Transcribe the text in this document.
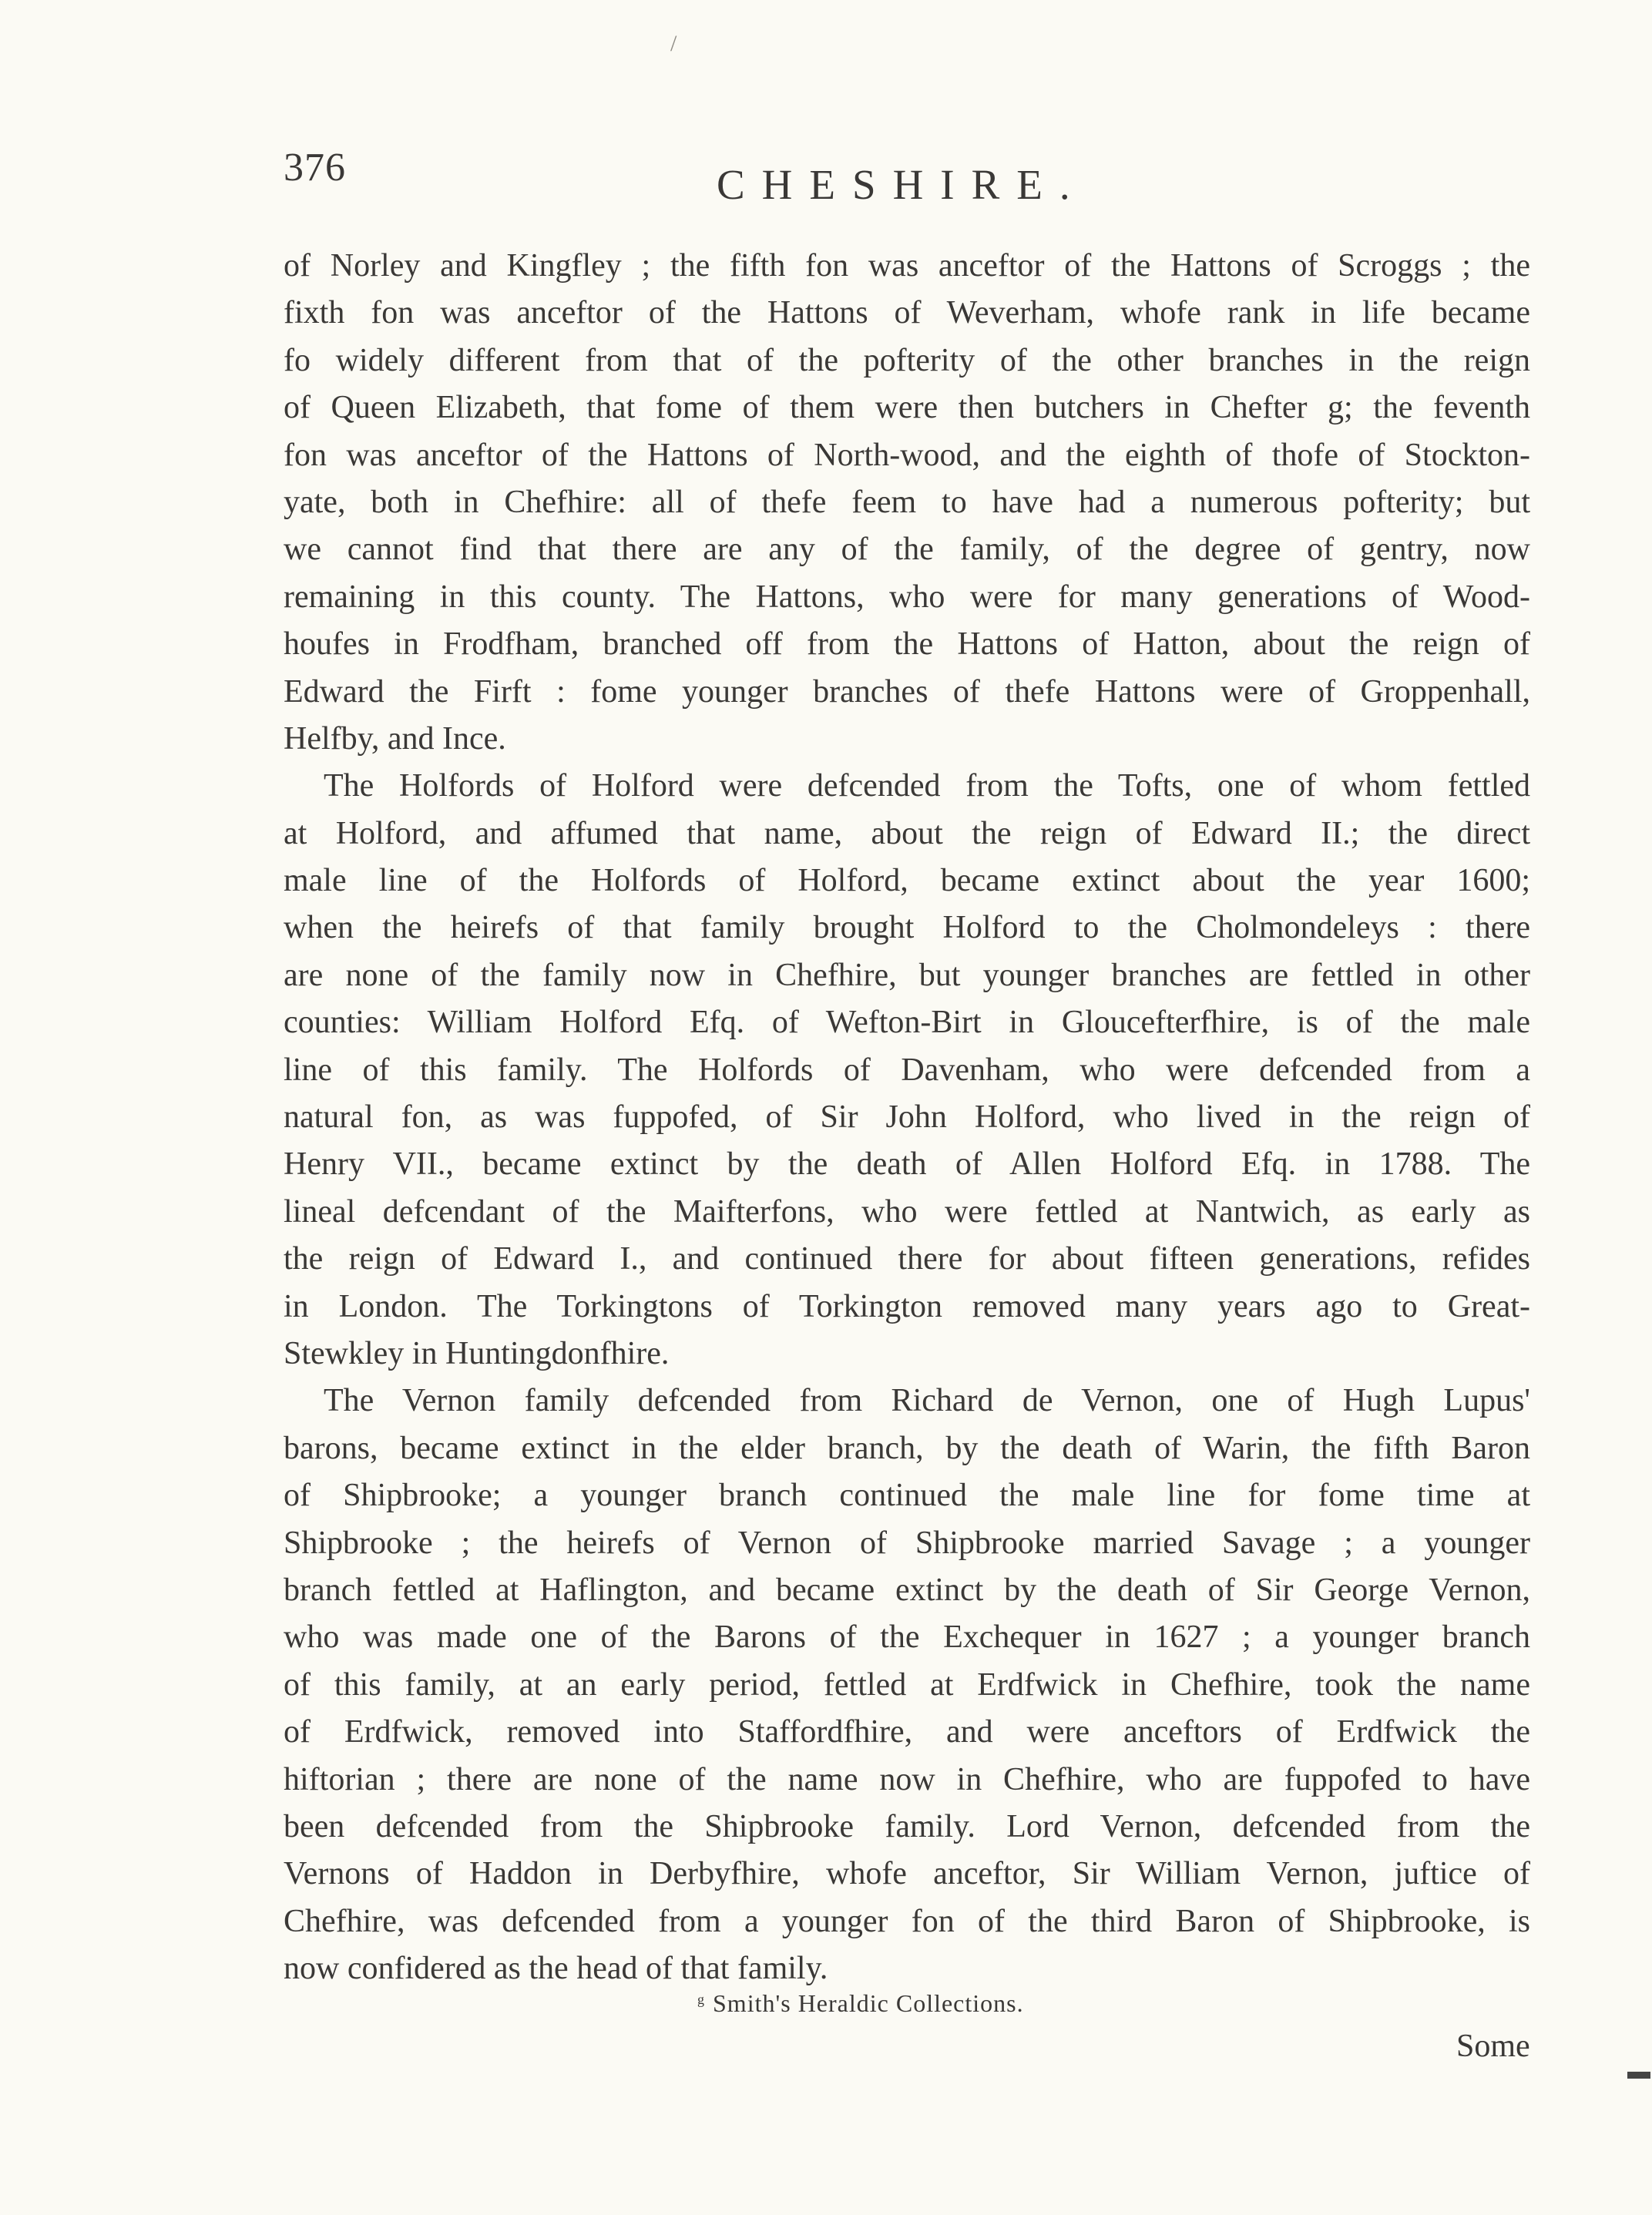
376	CHESHIRE.
of Norley and Kingfley ; the fifth fon was anceftor of the Hattons of Scroggs ; the
fixth fon was anceftor of the Hattons of Weverham, whofe rank in life became
fo widely different from that of the pofterity of the other branches in the reign
of Queen Elizabeth, that fome of them were then butchers in Chefter g; the feventh
fon was anceftor of the Hattons of North-wood, and the eighth of thofe of Stockton-
yate, both in Chefhire: all of thefe feem to have had a numerous pofterity; but
we cannot find that there are any of the family, of the degree of gentry, now
remaining in this county. The Hattons, who were for many generations of Wood-
houfes in Frodfham, branched off from the Hattons of Hatton, about the reign of
Edward the Firft : fome younger branches of thefe Hattons were of Groppenhall,
Helfby, and Ince.
The Holfords of Holford were defcended from the Tofts, one of whom fettled
at Holford, and affumed that name, about the reign of Edward II.; the direct
male line of the Holfords of Holford, became extinct about the year 1600;
when the heirefs of that family brought Holford to the Cholmondeleys : there
are none of the family now in Chefhire, but younger branches are fettled in other
counties: William Holford Efq. of Wefton-Birt in Gloucefterfhire, is of the male
line of this family. The Holfords of Davenham, who were defcended from a
natural fon, as was fuppofed, of Sir John Holford, who lived in the reign of
Henry VII., became extinct by the death of Allen Holford Efq. in 1788. The
lineal defcendant of the Maifterfons, who were fettled at Nantwich, as early as
the reign of Edward I., and continued there for about fifteen generations, refides
in London. The Torkingtons of Torkington removed many years ago to Great-
Stewkley in Huntingdonfhire.
The Vernon family defcended from Richard de Vernon, one of Hugh Lupus'
barons, became extinct in the elder branch, by the death of Warin, the fifth Baron
of Shipbrooke; a younger branch continued the male line for fome time at
Shipbrooke ; the heirefs of Vernon of Shipbrooke married Savage ; a younger
branch fettled at Haflington, and became extinct by the death of Sir George Vernon,
who was made one of the Barons of the Exchequer in 1627 ; a younger branch
of this family, at an early period, fettled at Erdfwick in Chefhire, took the name
of Erdfwick, removed into Staffordfhire, and were anceftors of Erdfwick the
hiftorian ; there are none of the name now in Chefhire, who are fuppofed to have
been defcended from the Shipbrooke family. Lord Vernon, defcended from the
Vernons of Haddon in Derbyfhire, whofe anceftor, Sir William Vernon, juftice of
Chefhire, was defcended from a younger fon of the third Baron of Shipbrooke, is
now confidered as the head of that family.
$^g$ Smith's Heraldic Collections.
Some
/
▬
